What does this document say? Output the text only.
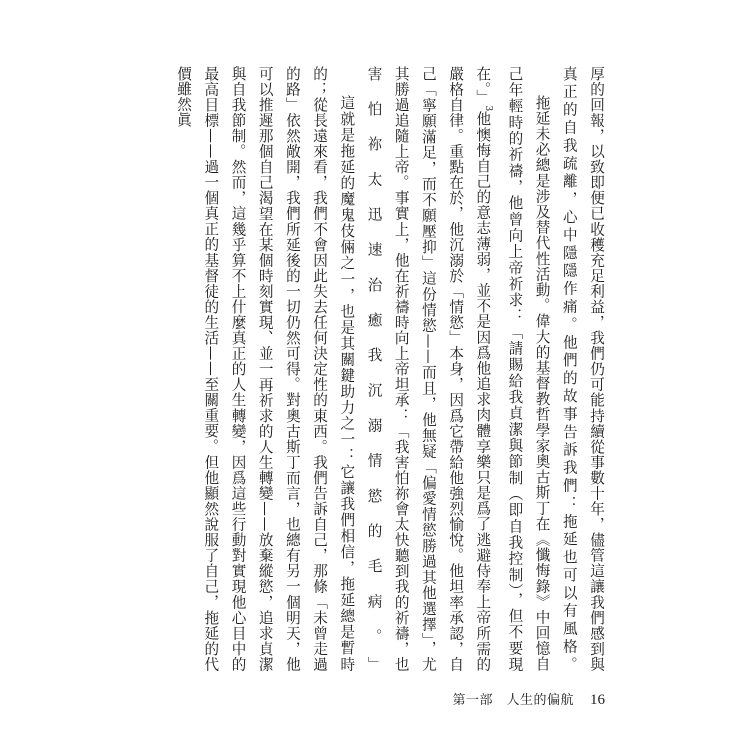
厚的回報，以致即便已收穫充足利益，我們仍可能持續從事數十年，儘管這讓我們感到與真正的自我疏離，心中隱隱作痛。他們的故事告訴我們：拖延也可以有風格。

拖延未必總是涉及替代性活動。偉大的基督教哲學家奧古斯丁在《懺悔錄》中回憶自己年輕時的祈禱，他曾向上帝祈求：「請賜給我貞潔與節制（即自我控制），但不要現在。」$^3$他懊悔自己的意志薄弱，並不是因爲他追求肉體享樂只是爲了逃避侍奉上帝所需的嚴格自律。重點在於，他沉溺於「情慾」本身，因爲它帶給他強烈愉悅。他坦率承認，自己「寧願滿足，而不願壓抑」這份情慾——而且，他無疑「偏愛情慾勝過其他選擇」，尤其勝過追隨上帝。事實上，他在祈禱時向上帝坦承：「我害怕祢會太快聽到我的祈禱，也害怕祢太迅速治癒我沉溺情慾的毛病。」

這就是拖延的魔鬼伎倆之一，也是其關鍵助力之一：它讓我們相信，拖延總是暫時的；從長遠來看，我們不會因此失去任何決定性的東西。我們告訴自己，那條「未曾走過的路」依然敞開，我們所延後的一切仍然可得。對奧古斯丁而言，也總有另一個明天，他可以推遲那個自己渴望在某個時刻實現、並一再祈求的人生轉變——放棄縱慾，追求貞潔與自我節制。然而，這幾乎算不上什麼真正的人生轉變，因爲這些行動對實現他心目中的最高目標——過一個真正的基督徒的生活——至關重要。但他顯然說服了自己，拖延的代價雖然眞

第一部　人生的偏航 16
